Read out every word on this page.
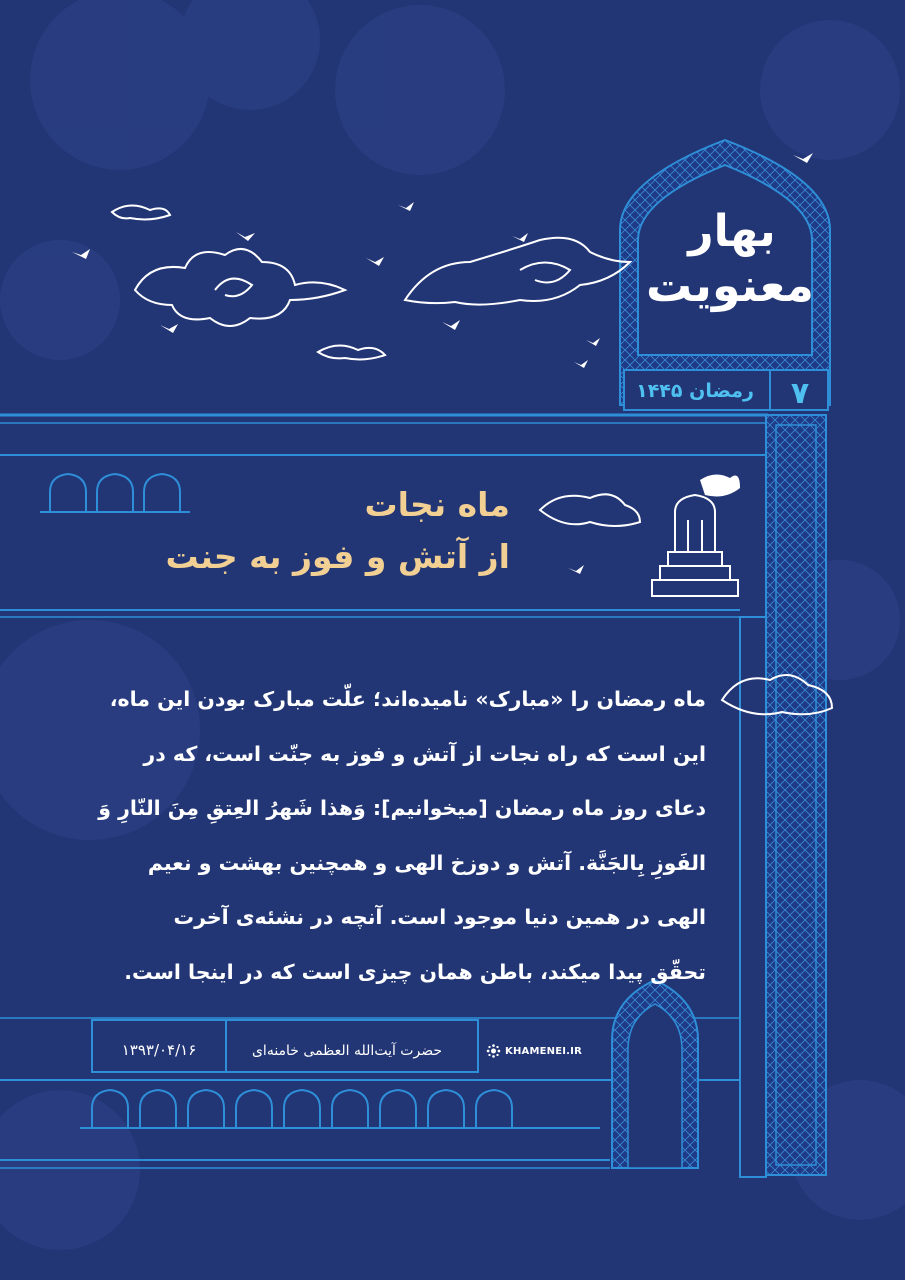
بهار
معنویت
۷
رمضان ۱۴۴۵
ماه نجات
از آتش و فوز به جنت
ماه رمضان را «مبارک» نامیده‌اند؛ علّت مبارک بودن این ماه،
این است که راه نجات از آتش و فوز به جنّت است، که در
دعای روز ماه رمضان [میخوانیم]: وَهذا شَهرُ العِتقِ مِنَ النّارِ وَ
الفَوزِ بِالجَنَّة. آتش و دوزخ الهی و همچنین بهشت و نعیم
الهی در همین دنیا موجود است. آنچه در نشئه‌ی آخرت
تحقّق پیدا میکند، باطن همان چیزی است که در اینجا است.
KHAMENEI.IR
حضرت آیت‌الله العظمی خامنه‌ای
۱۳۹۳/۰۴/۱۶
